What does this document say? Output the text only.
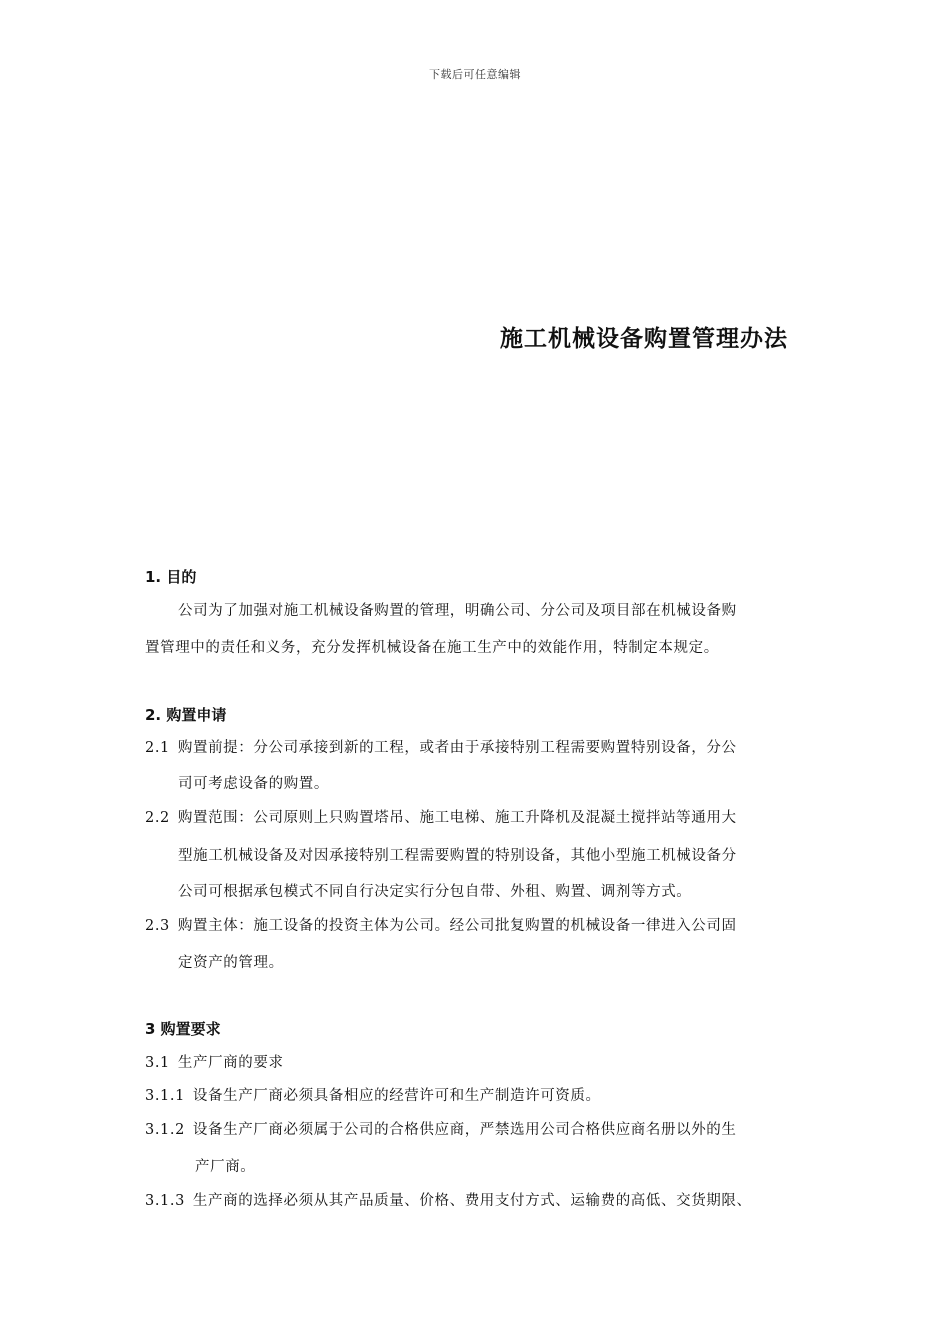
下载后可任意编辑
施工机械设备购置管理办法
1. 目的
公司为了加强对施工机械设备购置的管理，明确公司、分公司及项目部在机械设备购
置管理中的责任和义务，充分发挥机械设备在施工生产中的效能作用，特制定本规定。
2. 购置申请
2.1 购置前提：分公司承接到新的工程，或者由于承接特别工程需要购置特别设备，分公
司可考虑设备的购置。
2.2 购置范围：公司原则上只购置塔吊、施工电梯、施工升降机及混凝土搅拌站等通用大
型施工机械设备及对因承接特别工程需要购置的特别设备，其他小型施工机械设备分
公司可根据承包模式不同自行决定实行分包自带、外租、购置、调剂等方式。
2.3 购置主体：施工设备的投资主体为公司。经公司批复购置的机械设备一律进入公司固
定资产的管理。
3 购置要求
3.1 生产厂商的要求
3.1.1 设备生产厂商必须具备相应的经营许可和生产制造许可资质。
3.1.2 设备生产厂商必须属于公司的合格供应商，严禁选用公司合格供应商名册以外的生
产厂商。
3.1.3 生产商的选择必须从其产品质量、价格、费用支付方式、运输费的高低、交货期限、
